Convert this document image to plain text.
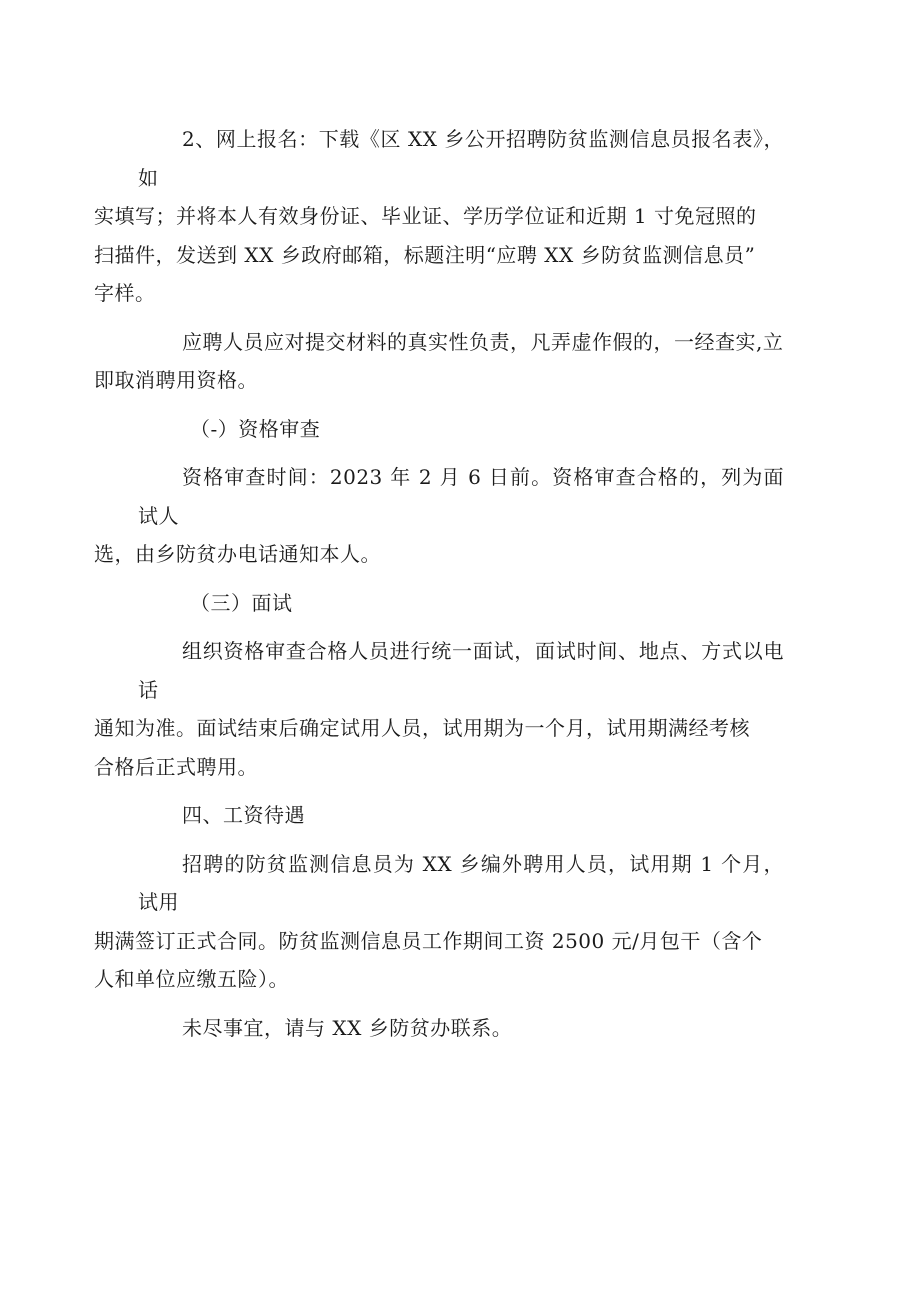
2、网上报名：下载《区 XX 乡公开招聘防贫监测信息员报名表》，如
实填写；并将本人有效身份证、毕业证、学历学位证和近期 1 寸免冠照的
扫描件，发送到 XX 乡政府邮箱，标题注明“应聘 XX 乡防贫监测信息员”
字样。

应聘人员应对提交材料的真实性负责，凡弄虚作假的，一经查实,立
即取消聘用资格。

（-）资格审查

资格审查时间：2023 年 2 月 6 日前。资格审查合格的，列为面试人
选，由乡防贫办电话通知本人。

（三）面试

组织资格审查合格人员进行统一面试，面试时间、地点、方式以电话
通知为准。面试结束后确定试用人员，试用期为一个月，试用期满经考核
合格后正式聘用。

四、工资待遇

招聘的防贫监测信息员为 XX 乡编外聘用人员，试用期 1 个月，试用
期满签订正式合同。防贫监测信息员工作期间工资 2500 元/月包干（含个
人和单位应缴五险）。

未尽事宜，请与 XX 乡防贫办联系。
